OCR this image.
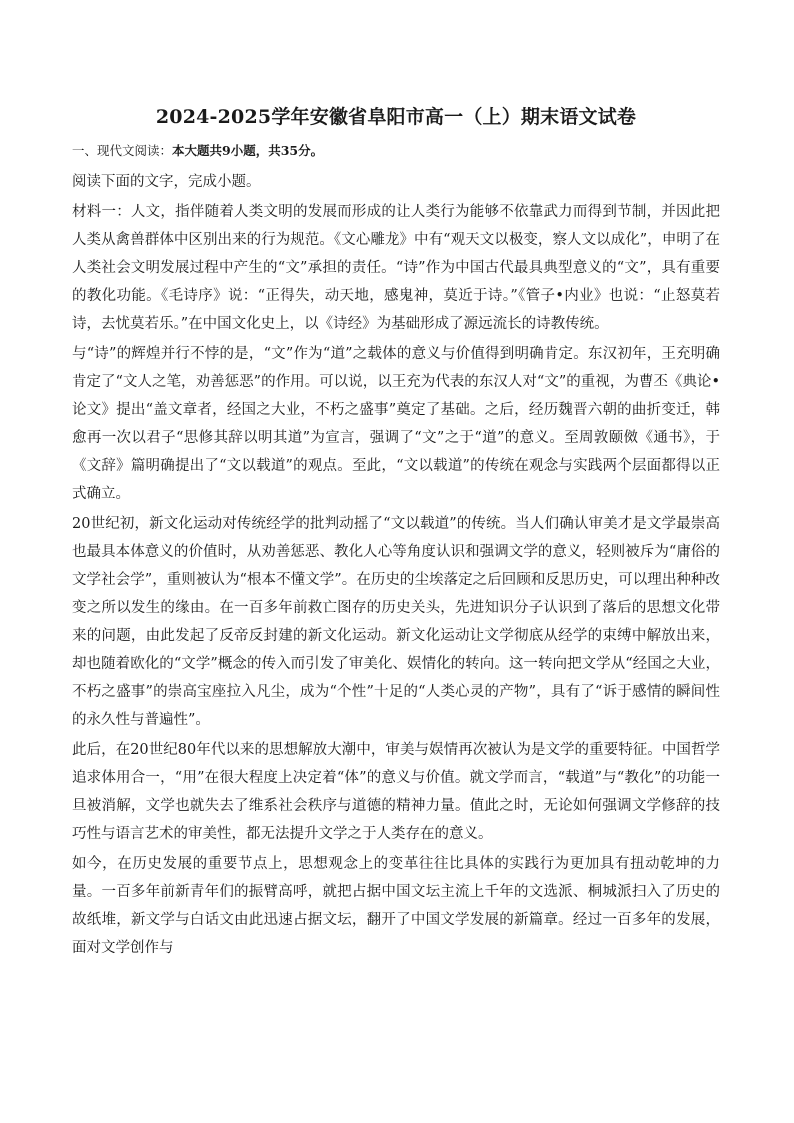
2024-2025学年安徽省阜阳市高一（上）期末语文试卷
一、现代文阅读：本大题共9小题，共35分。

阅读下面的文字，完成小题。

材料一：人文，指伴随着人类文明的发展而形成的让人类行为能够不依靠武力而得到节制，并因此把人类从禽兽群体中区别出来的行为规范。《文心雕龙》中有“观天文以极变，察人文以成化”，申明了在人类社会文明发展过程中产生的“文”承担的责任。“诗”作为中国古代最具典型意义的“文”，具有重要的教化功能。《毛诗序》说：“正得失，动天地，感鬼神，莫近于诗。”《管子•内业》也说：“止怒莫若诗，去忧莫若乐。”在中国文化史上，以《诗经》为基础形成了源远流长的诗教传统。

与“诗”的辉煌并行不悖的是，“文”作为“道”之载体的意义与价值得到明确肯定。东汉初年，王充明确肯定了“文人之笔，劝善惩恶”的作用。可以说，以王充为代表的东汉人对“文”的重视，为曹丕《典论•论文》提出“盖文章者，经国之大业，不朽之盛事”奠定了基础。之后，经历魏晋六朝的曲折变迁，韩愈再一次以君子“思修其辞以明其道”为宣言，强调了“文”之于“道”的意义。至周敦颐傚《通书》，于《文辞》篇明确提出了“文以载道”的观点。至此，“文以载道”的传统在观念与实践两个层面都得以正式确立。

20世纪初，新文化运动对传统经学的批判动摇了“文以载道”的传统。当人们确认审美才是文学最崇高也最具本体意义的价值时，从劝善惩恶、教化人心等角度认识和强调文学的意义，轻则被斥为“庸俗的文学社会学”，重则被认为“根本不懂文学”。在历史的尘埃落定之后回顾和反思历史，可以理出种种改变之所以发生的缘由。在一百多年前救亡图存的历史关头，先进知识分子认识到了落后的思想文化带来的问题，由此发起了反帝反封建的新文化运动。新文化运动让文学彻底从经学的束缚中解放出来，却也随着欧化的“文学”概念的传入而引发了审美化、娱情化的转向。这一转向把文学从“经国之大业，不朽之盛事”的崇高宝座拉入凡尘，成为“个性”十足的“人类心灵的产物”，具有了“诉于感情的瞬间性的永久性与普遍性”。

此后，在20世纪80年代以来的思想解放大潮中，审美与娱情再次被认为是文学的重要特征。中国哲学追求体用合一，“用”在很大程度上决定着“体”的意义与价值。就文学而言，“载道”与“教化”的功能一旦被消解，文学也就失去了维系社会秩序与道德的精神力量。值此之时，无论如何强调文学修辞的技巧性与语言艺术的审美性，都无法提升文学之于人类存在的意义。

如今，在历史发展的重要节点上，思想观念上的变革往往比具体的实践行为更加具有扭动乾坤的力量。一百多年前新青年们的振臂高呼，就把占据中国文坛主流上千年的文选派、桐城派扫入了历史的故纸堆，新文学与白话文由此迅速占据文坛，翻开了中国文学发展的新篇章。经过一百多年的发展，面对文学创作与
